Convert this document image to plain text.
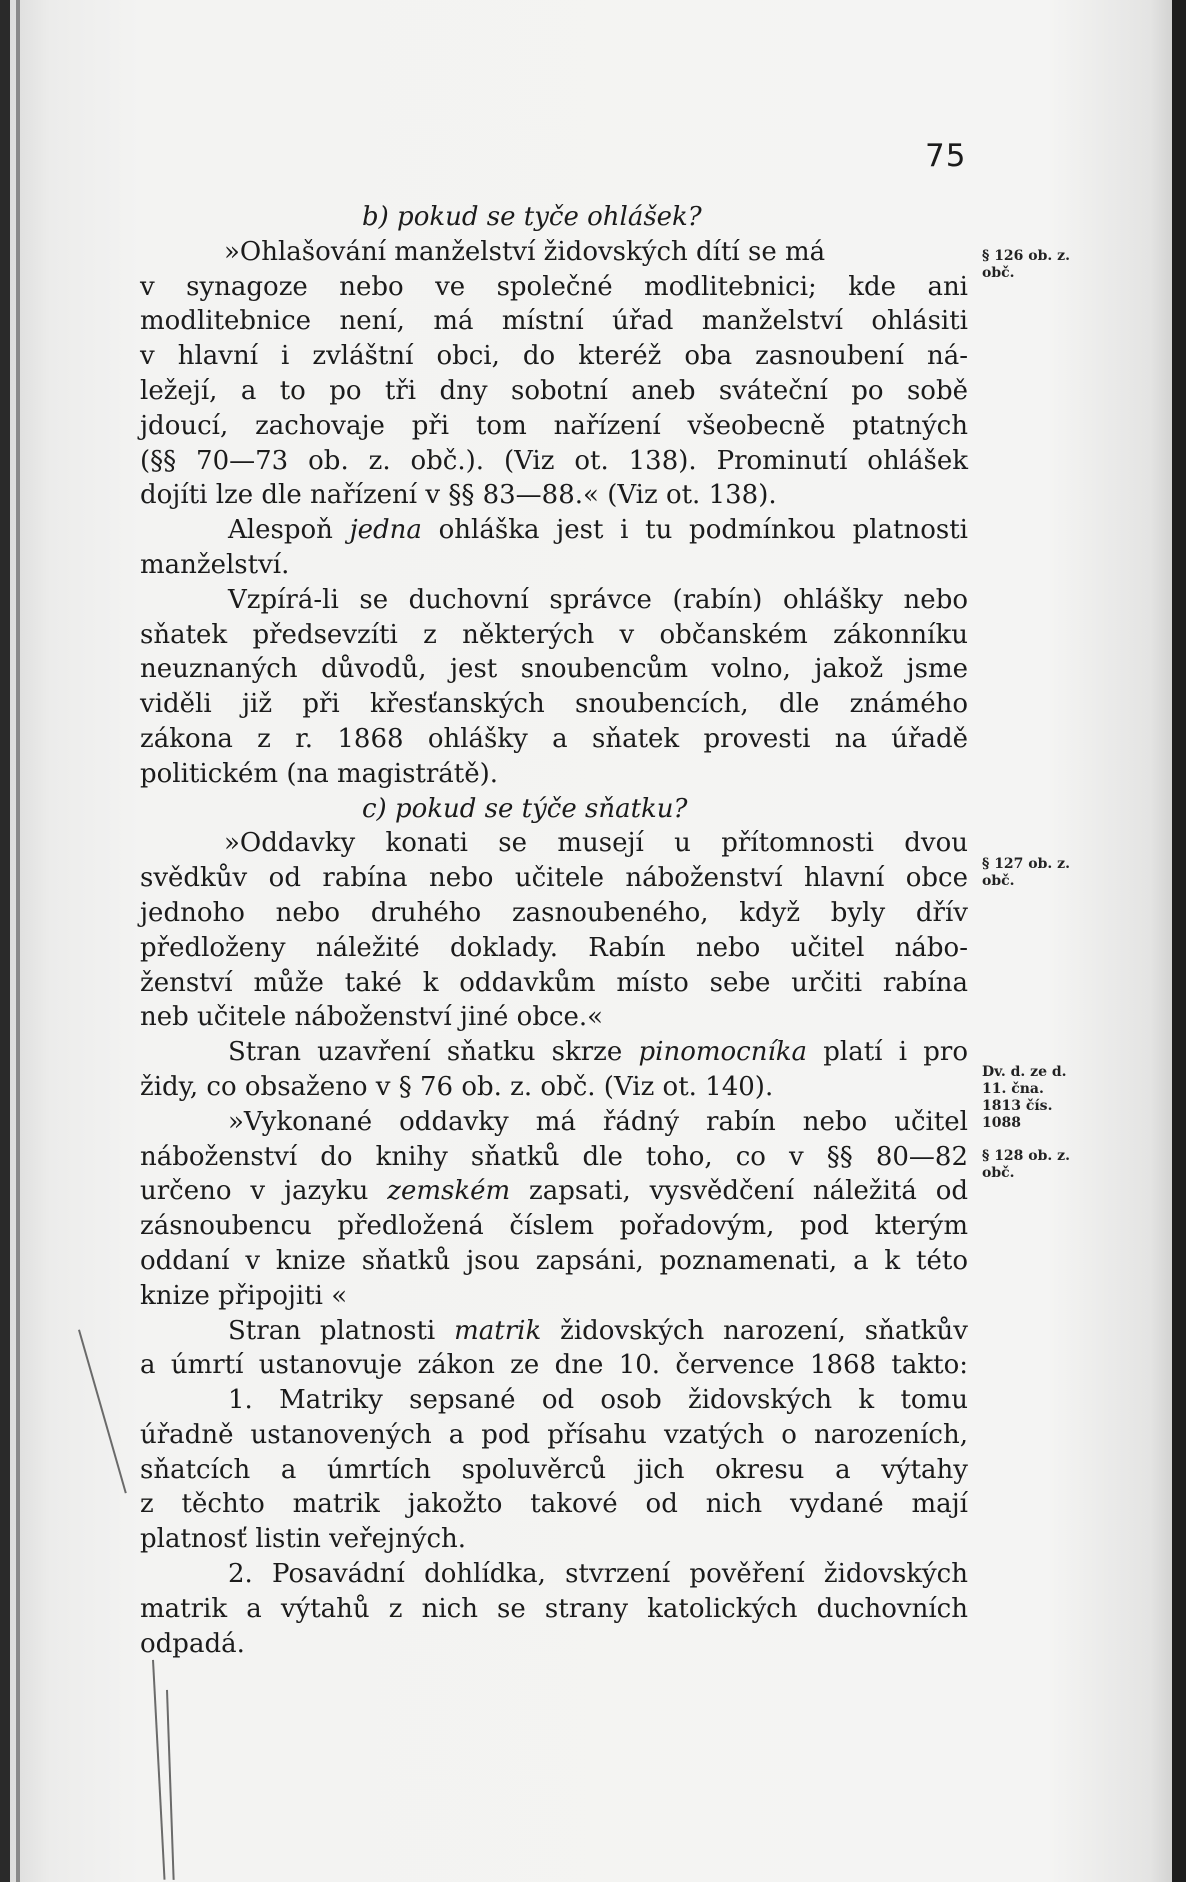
75
b) pokud se tyče ohlášek?
»Ohlašování manželství židovských dítí se má
v synagoze nebo ve společné modlitebnici; kde ani
modlitebnice není, má místní úřad manželství ohlásiti
v hlavní i zvláštní obci, do kteréž oba zasnoubení ná-
ležejí, a to po tři dny sobotní aneb sváteční po sobě
jdoucí, zachovaje při tom nařízení všeobecně ptatných
(§§ 70—73 ob. z. obč.). (Viz ot. 138). Prominutí ohlášek
dojíti lze dle nařízení v §§ 83—88.« (Viz ot. 138).
Alespoň jedna ohláška jest i tu podmínkou platnosti
manželství.
Vzpírá-li se duchovní správce (rabín) ohlášky nebo
sňatek předsevzíti z některých v občanském zákonníku
neuznaných důvodů, jest snoubencům volno, jakož jsme
viděli již při křesťanských snoubencích, dle známého
zákona z r. 1868 ohlášky a sňatek provesti na úřadě
politickém (na magistrátě).
c) pokud se týče sňatku?
»Oddavky konati se musejí u přítomnosti dvou
svědkův od rabína nebo učitele náboženství hlavní obce
jednoho nebo druhého zasnoubeného, když byly dřív
předloženy náležité doklady. Rabín nebo učitel nábo-
ženství může také k oddavkům místo sebe určiti rabína
neb učitele náboženství jiné obce.«
Stran uzavření sňatku skrze pinomocníka platí i pro
židy, co obsaženo v § 76 ob. z. obč. (Viz ot. 140).
»Vykonané oddavky má řádný rabín nebo učitel
náboženství do knihy sňatků dle toho, co v §§ 80—82
určeno v jazyku zemském zapsati, vysvědčení náležitá od
zásnoubencu předložená číslem pořadovým, pod kterým
oddaní v knize sňatků jsou zapsáni, poznamenati, a k této
knize připojiti «
Stran platnosti matrik židovských narození, sňatkův
a úmrtí ustanovuje zákon ze dne 10. července 1868 takto:
1. Matriky sepsané od osob židovských k tomu
úřadně ustanovených a pod přísahu vzatých o narozeních,
sňatcích a úmrtích spoluvěrců jich okresu a výtahy
z těchto matrik jakožto takové od nich vydané mají
platnosť listin veřejných.
2. Posavádní dohlídka, stvrzení pověření židovských
matrik a výtahů z nich se strany katolických duchovních
odpadá.
§ 126 ob. z. obč.
§ 127 ob. z. obč.
Dv. d. ze d. 11. čna. 1813 čís. 1088
§ 128 ob. z. obč.
